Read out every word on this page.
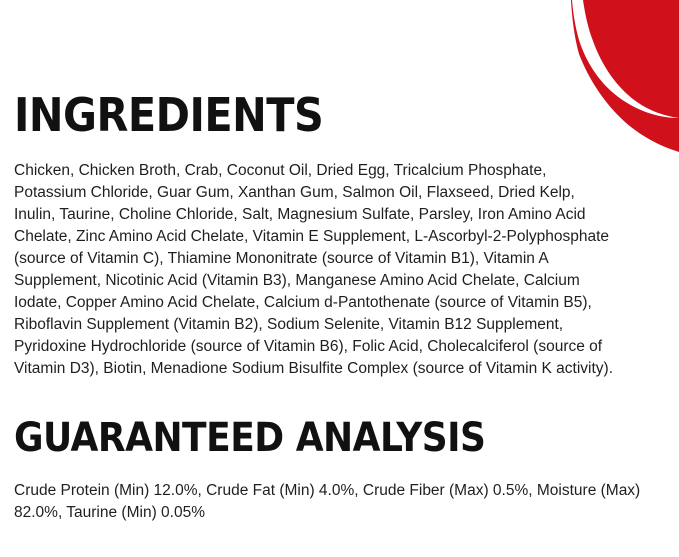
INGREDIENTS

Chicken, Chicken Broth, Crab, Coconut Oil, Dried Egg, Tricalcium Phosphate, Potassium Chloride, Guar Gum, Xanthan Gum, Salmon Oil, Flaxseed, Dried Kelp, Inulin, Taurine, Choline Chloride, Salt, Magnesium Sulfate, Parsley, Iron Amino Acid Chelate, Zinc Amino Acid Chelate, Vitamin E Supplement, L-Ascorbyl-2-Polyphosphate (source of Vitamin C), Thiamine Mononitrate (source of Vitamin B1), Vitamin A Supplement, Nicotinic Acid (Vitamin B3), Manganese Amino Acid Chelate, Calcium Iodate, Copper Amino Acid Chelate, Calcium d-Pantothenate (source of Vitamin B5), Riboflavin Supplement (Vitamin B2), Sodium Selenite, Vitamin B12 Supplement, Pyridoxine Hydrochloride (source of Vitamin B6), Folic Acid, Cholecalciferol (source of Vitamin D3), Biotin, Menadione Sodium Bisulfite Complex (source of Vitamin K activity).

GUARANTEED ANALYSIS

Crude Protein (Min) 12.0%, Crude Fat (Min) 4.0%, Crude Fiber (Max) 0.5%, Moisture (Max) 82.0%, Taurine (Min) 0.05%
